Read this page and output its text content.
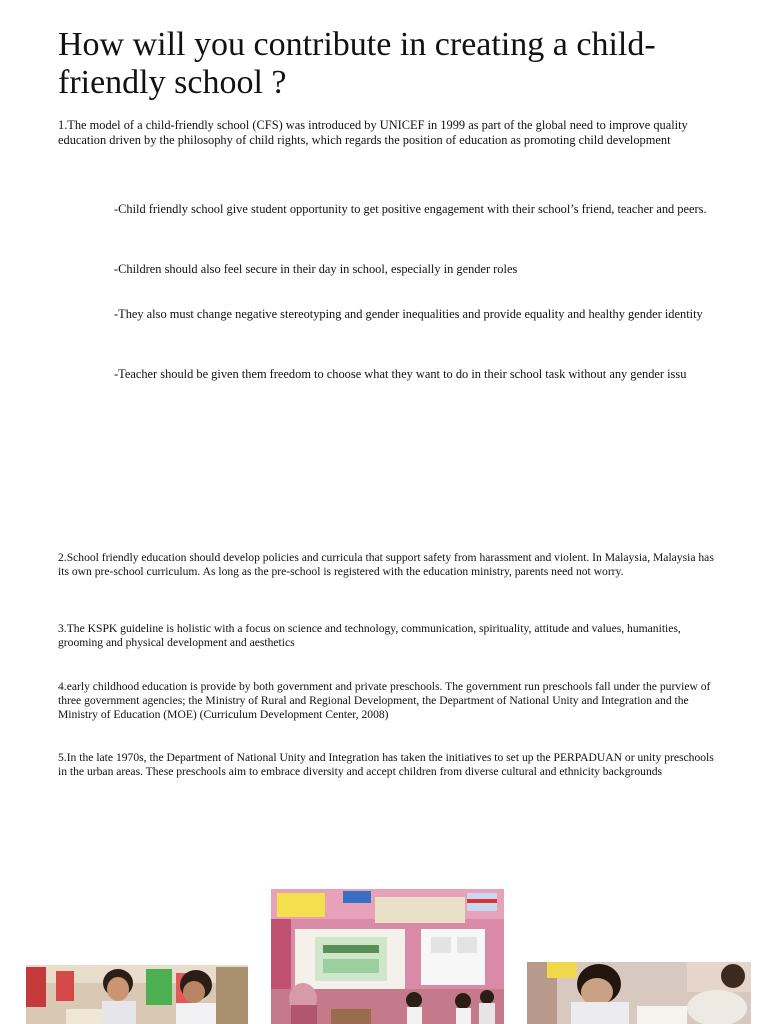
How will you contribute in creating a child-friendly school ?

1.The model of a child-friendly school (CFS) was introduced by UNICEF in 1999 as part of the global need to improve quality education driven by the philosophy of child rights, which regards the position of education as promoting child development

-Child friendly school give student opportunity to get positive engagement with their school’s friend, teacher and peers.

-Children should also feel secure in their day in school, especially in gender roles

-They also must change negative stereotyping and gender inequalities and provide equality and healthy gender identity

-Teacher should be given them freedom to choose what they want to do in their school task without any gender issu

2.School friendly education should develop policies and curricula that support safety from harassment and violent. In Malaysia, Malaysia has its own pre-school curriculum. As long as the pre-school is registered with the education ministry, parents need not worry.

3.The KSPK guideline is holistic with a focus on science and technology, communication, spirituality, attitude and values, humanities, grooming and physical development and aesthetics

4.early childhood education is provide by both government and private preschools. The government run preschools fall under the purview of three government agencies; the Ministry of Rural and Regional Development, the Department of National Unity and Integration and the Ministry of Education (MOE) (Curriculum Development Center, 2008)

5.In the late 1970s, the Department of National Unity and Integration has taken the initiatives to set up the PERPADUAN or unity preschools in the urban areas. These preschools aim to embrace diversity and accept children from diverse cultural and ethnicity backgrounds
